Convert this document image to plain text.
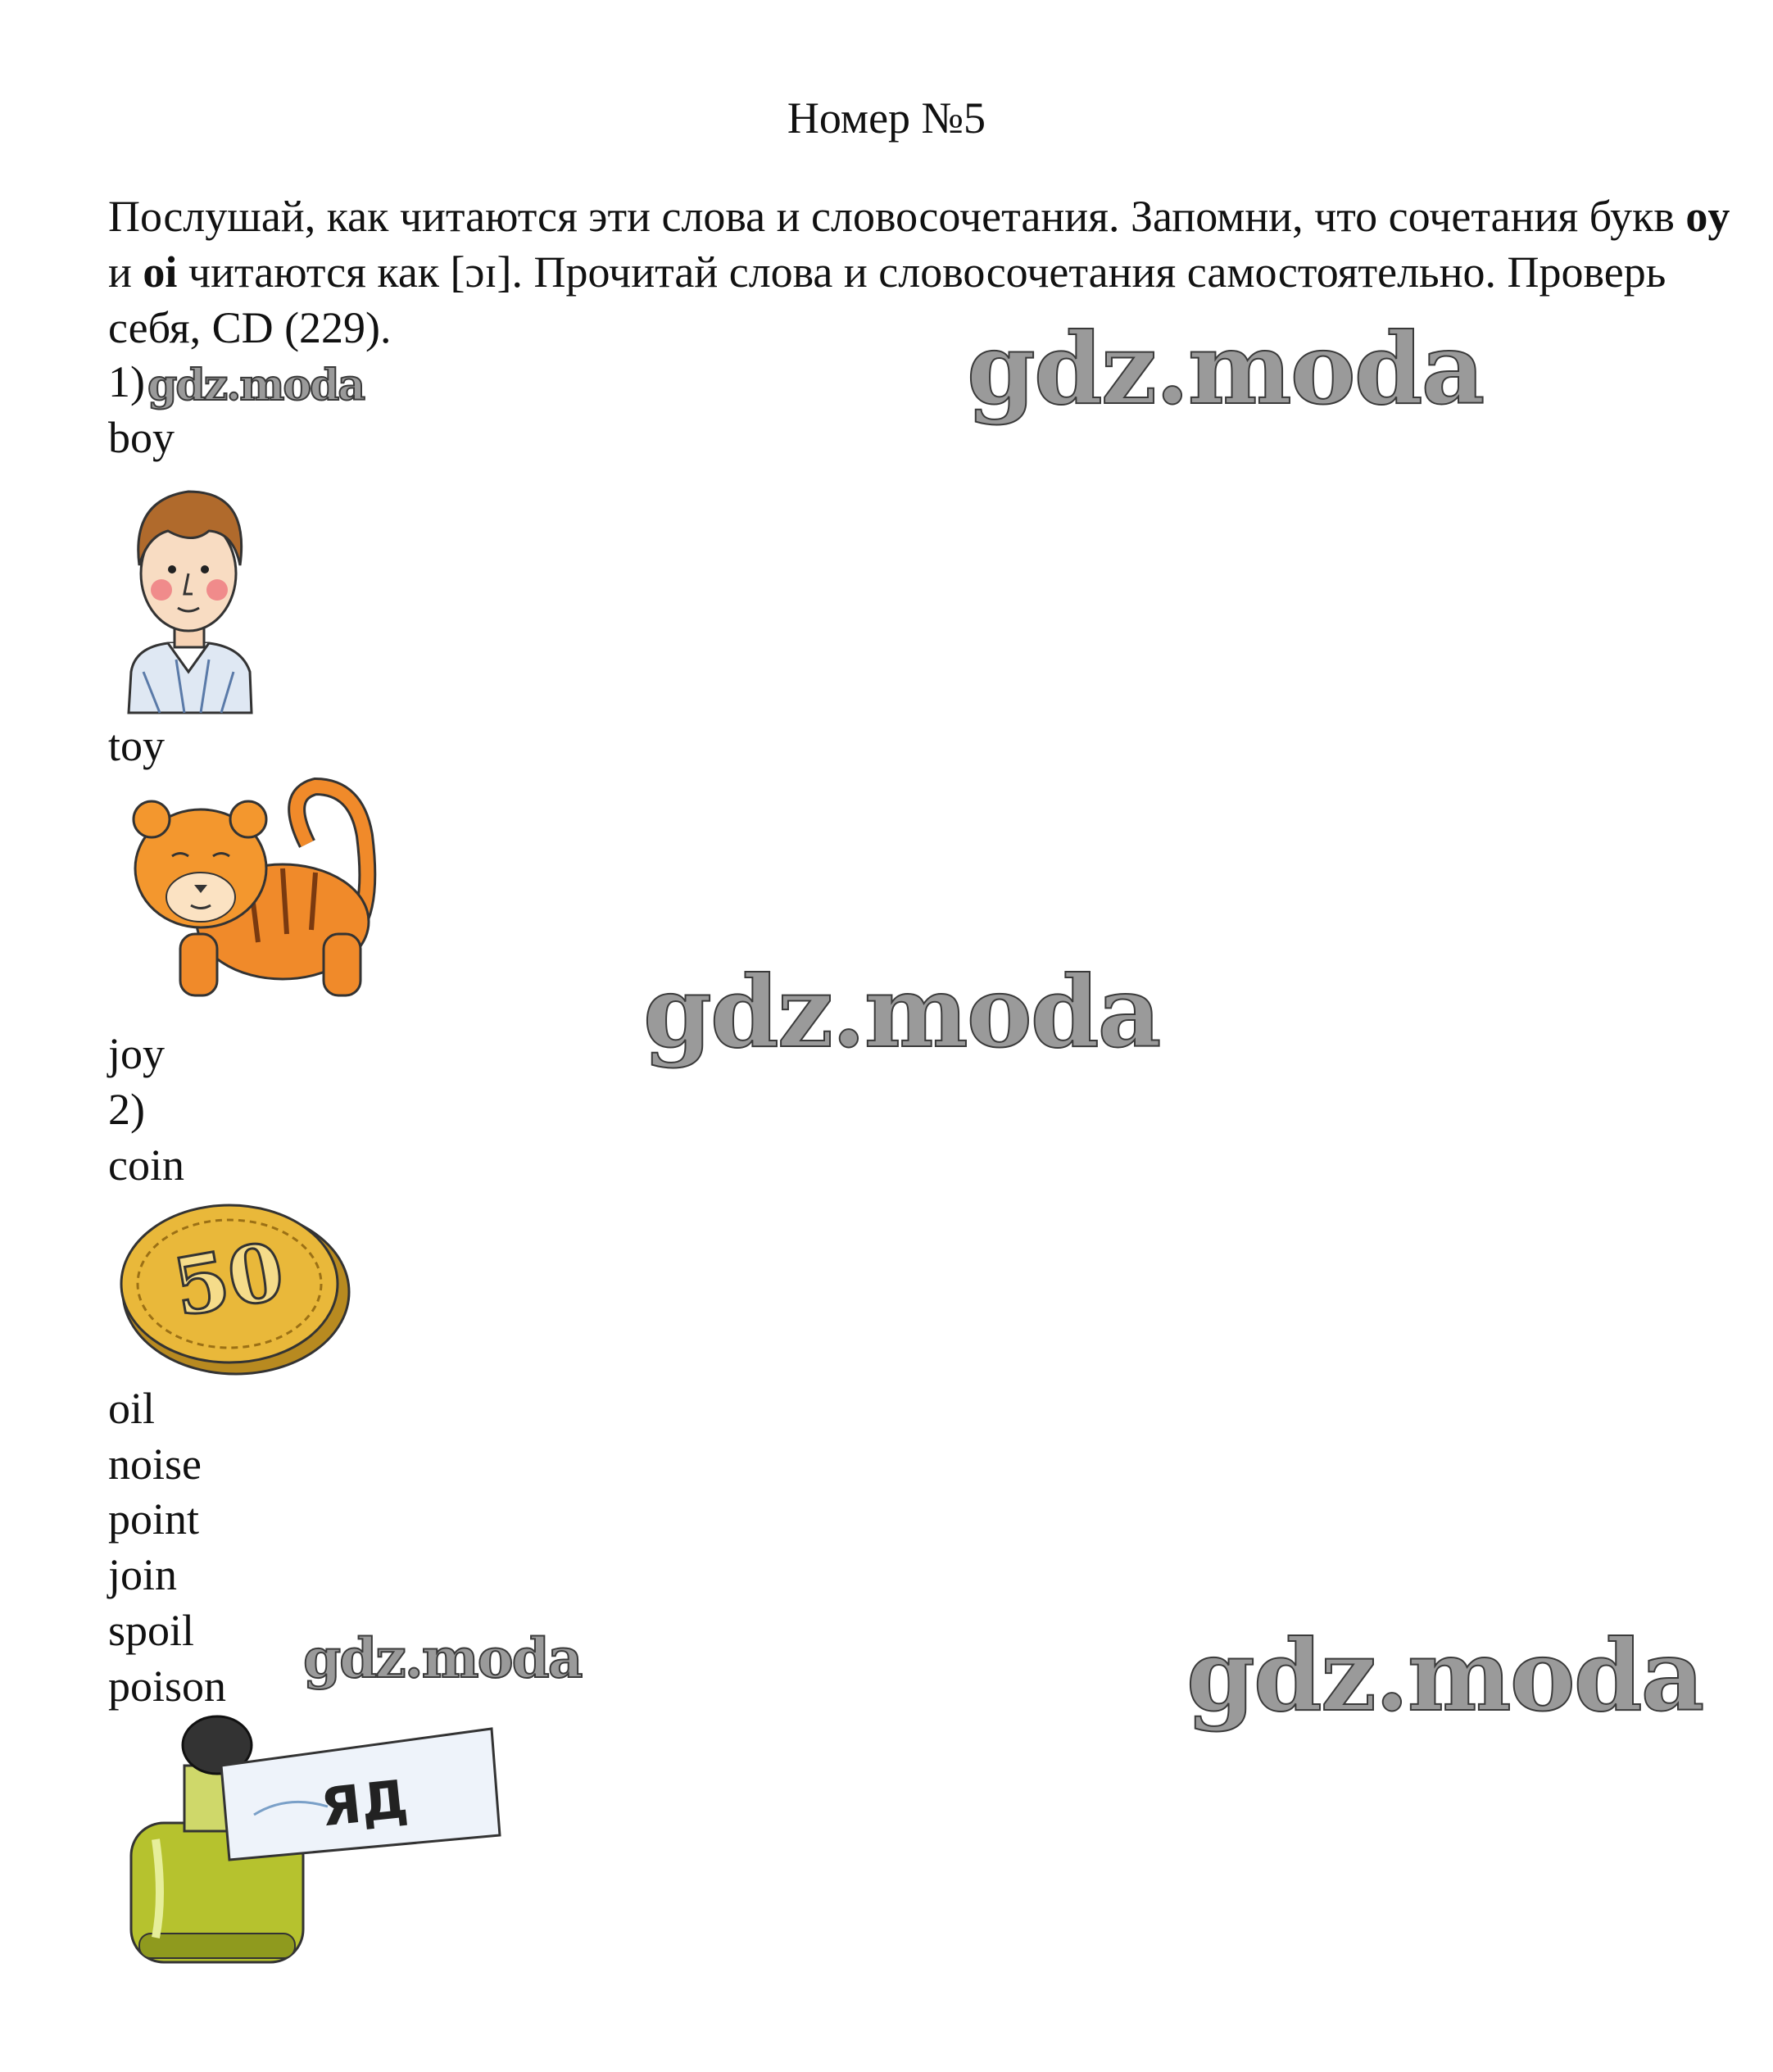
Номер №5
Послушай, как читаются эти слова и словосочетания. Запомни, что сочетания букв oy и oi читаются как [ɔɪ]. Прочитай слова и словосочетания самостоятельно. Проверь себя, CD (229).
1)
boy
toy
joy
2)
coin
50
oil
noise
point
join
spoil
poison
ЯД
gdz.moda	gdz.moda
gdz.moda
gdz.moda	gdz.moda
